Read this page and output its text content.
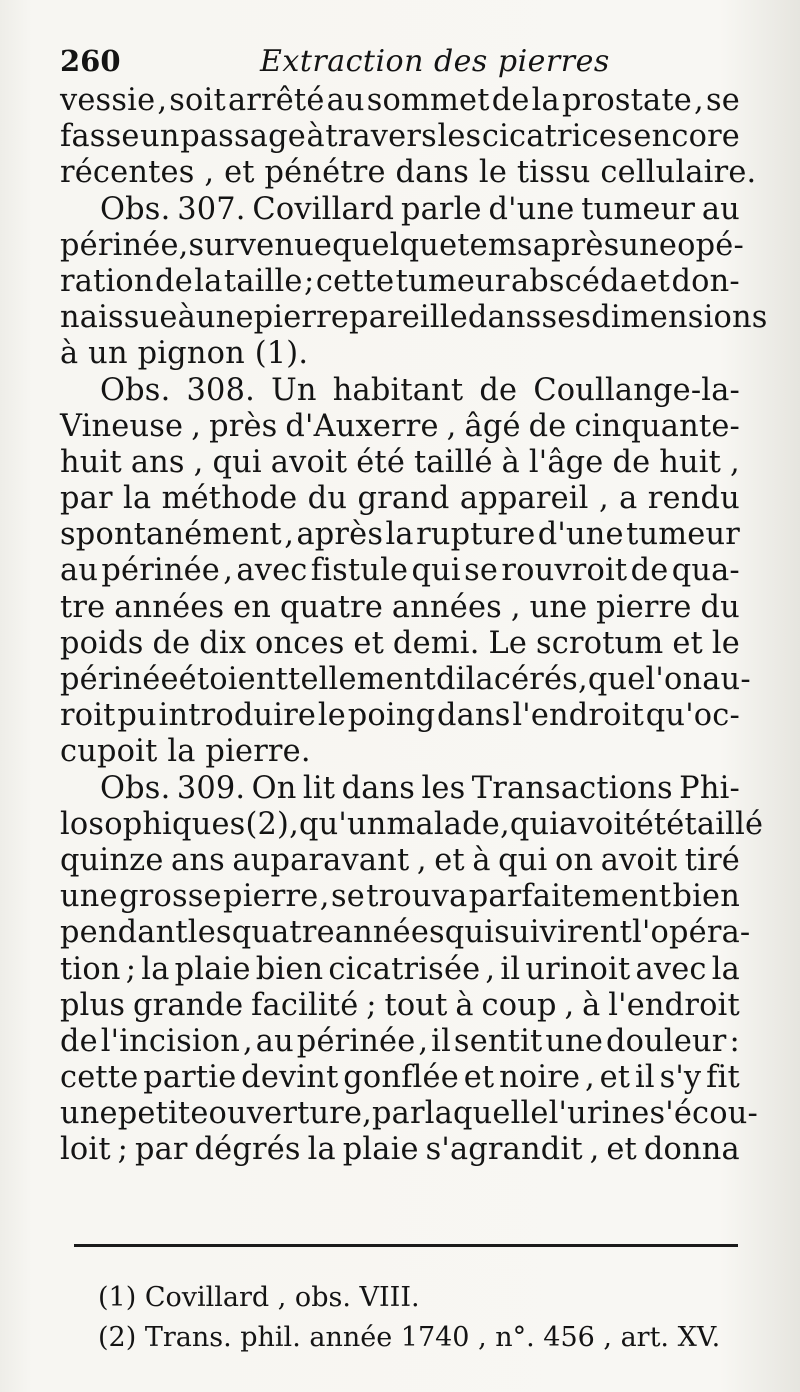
260	Extraction des pierres
vessie , soit arrêté au sommet de la prostate , se
fasse un passage à travers les cicatrices encore
récentes , et pénétre dans le tissu cellulaire.
Obs. 307. Covillard parle d'une tumeur au
périnée , survenue quelque tems après une opé-
ration de la taille ; cette tumeur abscéda et don-
na issue à une pierre pareille dans ses dimensions
à un pignon (1).
Obs. 308. Un habitant de Coullange-la-
Vineuse , près d'Auxerre , âgé de cinquante-
huit ans , qui avoit été taillé à l'âge de huit ,
par la méthode du grand appareil , a rendu
spontanément , après la rupture d'une tumeur
au périnée , avec fistule qui se rouvroit de qua-
tre années en quatre années , une pierre du
poids de dix onces et demi. Le scrotum et le
périnée étoient tellement dilacérés , que l'on au-
roit pu introduire le poing dans l'endroit qu'oc-
cupoit la pierre.
Obs. 309. On lit dans les Transactions Phi-
losophiques (2) , qu'un malade, qui avoit été taillé
quinze ans auparavant , et à qui on avoit tiré
une grosse pierre , se trouva parfaitement bien
pendant les quatre années qui suivirent l'opéra-
tion ; la plaie bien cicatrisée , il urinoit avec la
plus grande facilité ; tout à coup , à l'endroit
de l'incision , au périnée , il sentit une douleur :
cette partie devint gonflée et noire , et il s'y fit
une petite ouverture, par laquelle l'urine s'écou-
loit ; par dégrés la plaie s'agrandit , et donna
(1) Covillard , obs. VIII.
(2) Trans. phil. année 1740 , n°. 456 , art. XV.
